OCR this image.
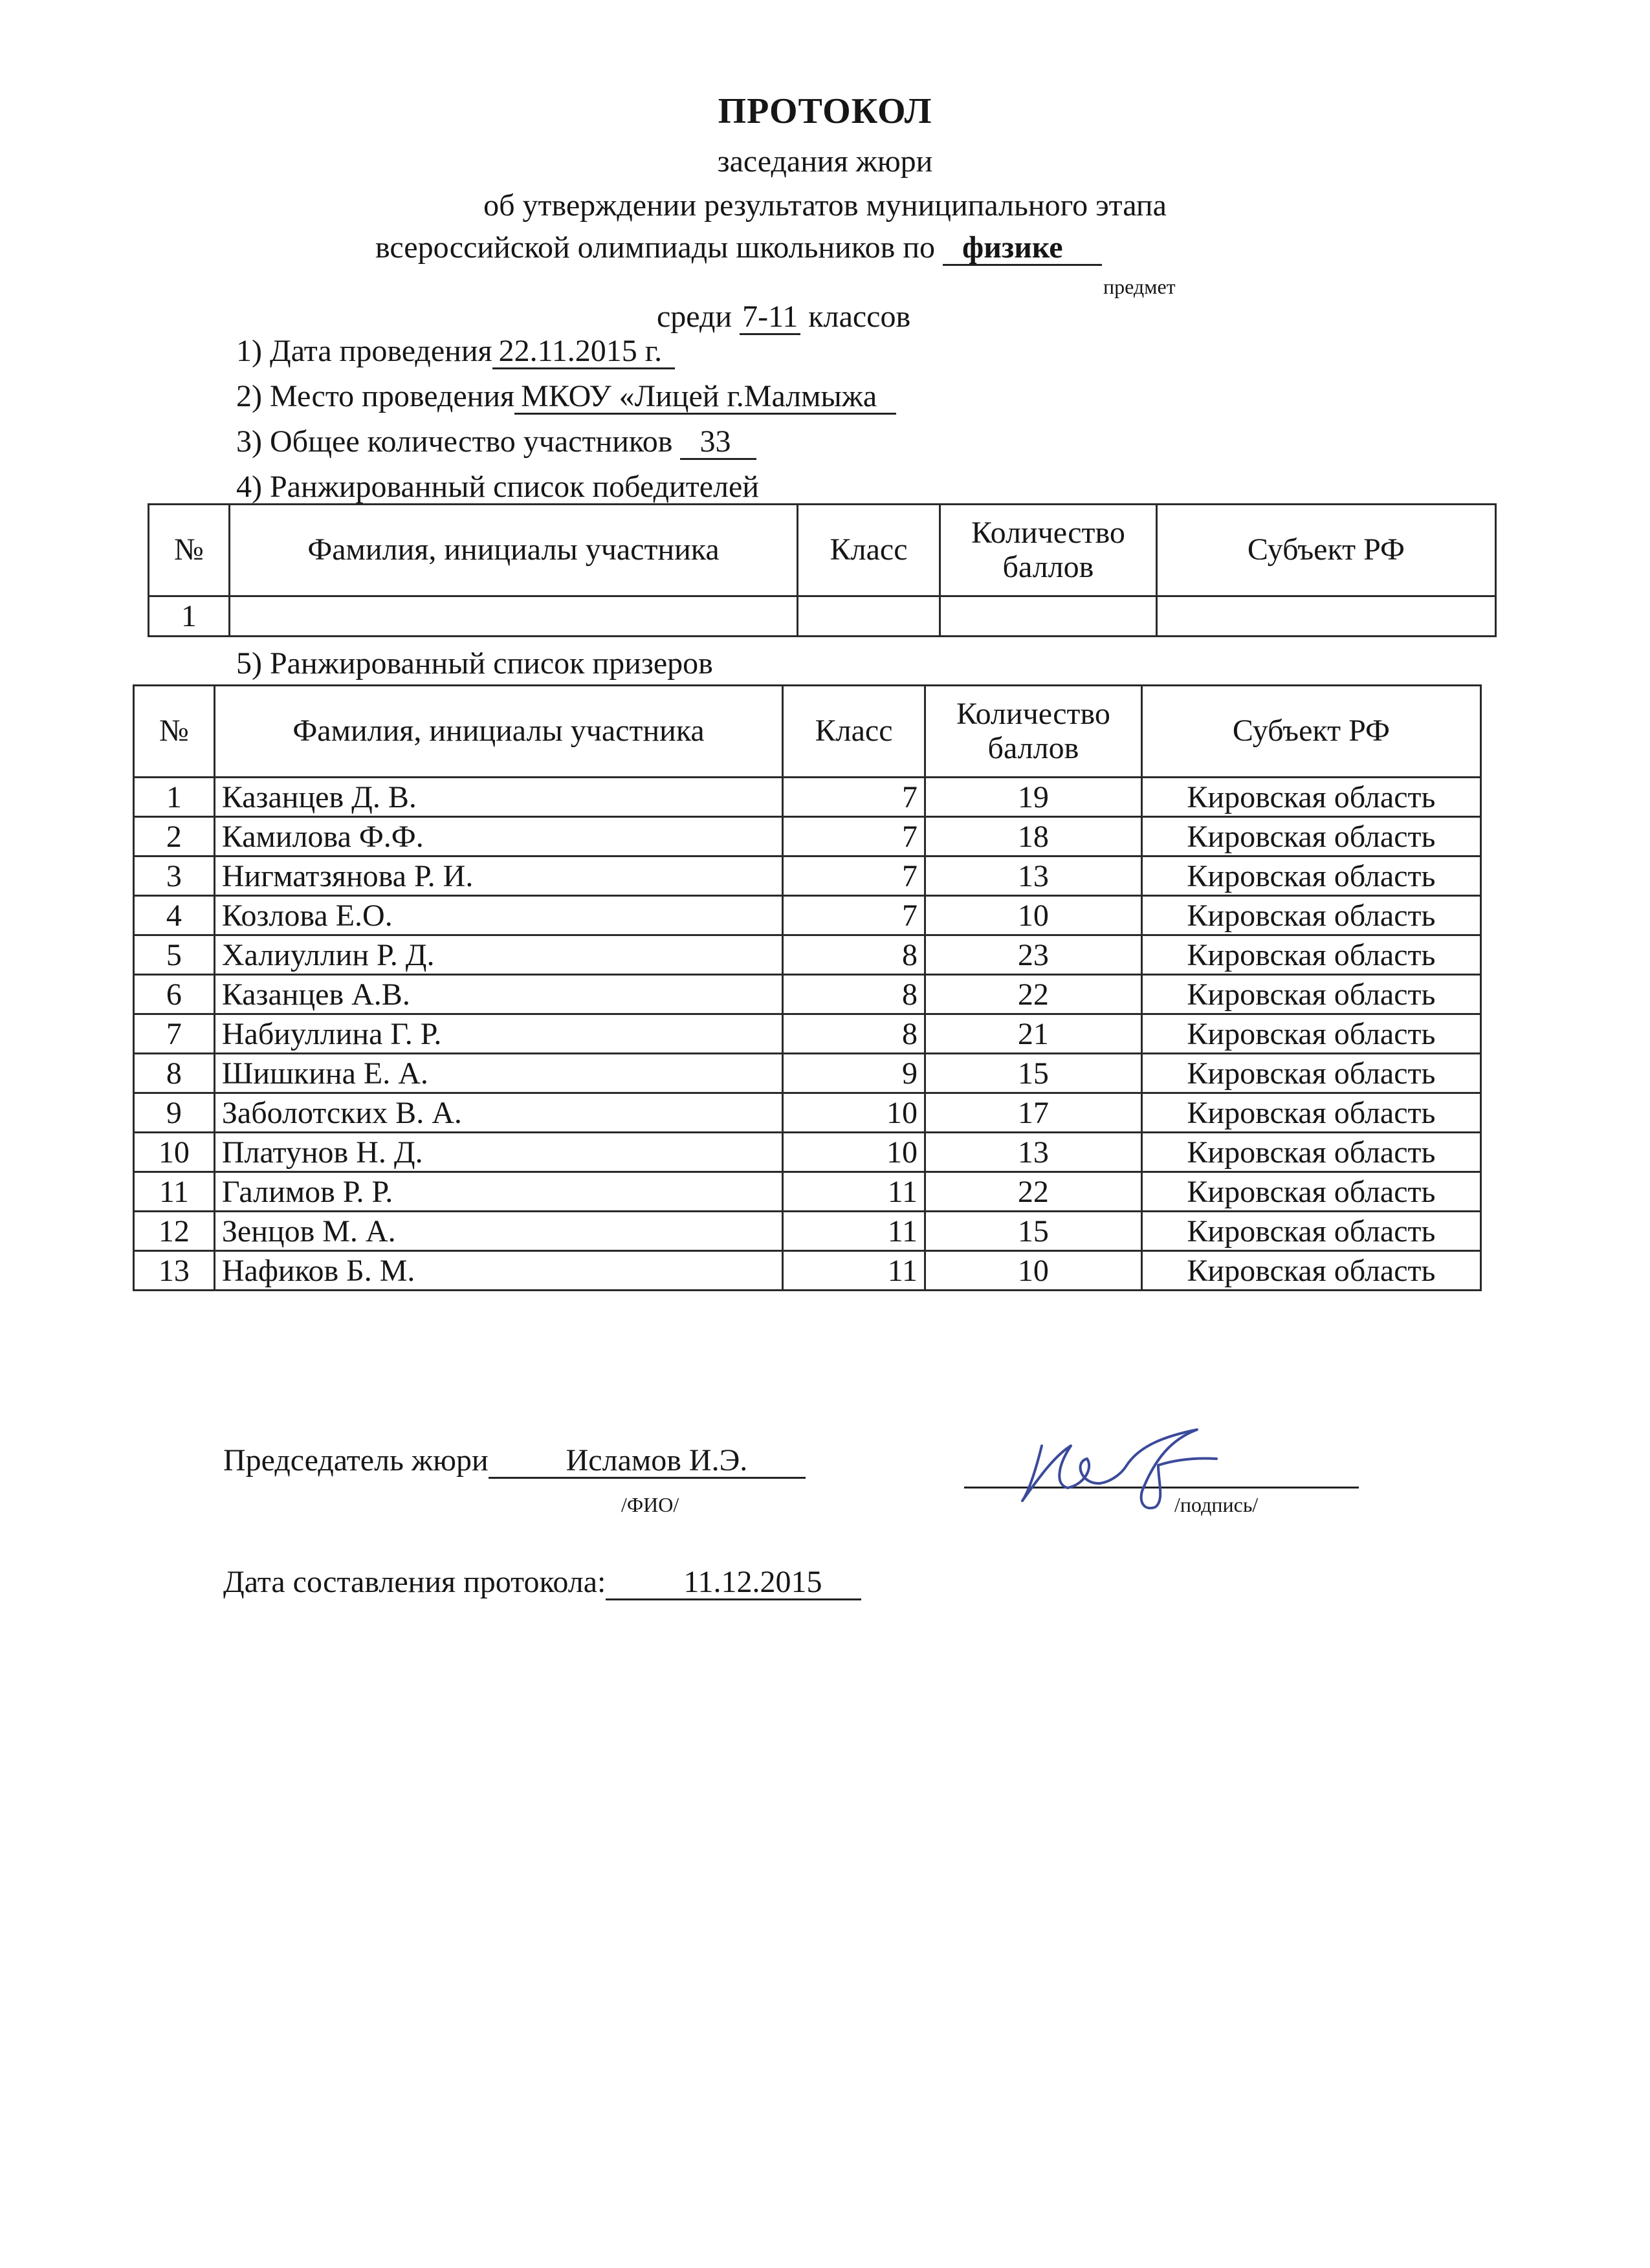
ПРОТОКОЛ
заседания жюри
об утверждении результатов муниципального этапа
всероссийской олимпиады школьников по физике
предмет
среди 7-11 классов
1) Дата проведения 22.11.2015 г.
2) Место проведения МКОУ «Лицей г.Малмыжа
3) Общее количество участников 33
4) Ранжированный список победителей
№	Фамилия, инициалы участника	Класс	Количество баллов	Субъект РФ
1				
5) Ранжированный список призеров
№	Фамилия, инициалы участника	Класс	Количество баллов	Субъект РФ
1	Казанцев Д. В.	7	19	Кировская область
2	Камилова Ф.Ф.	7	18	Кировская область
3	Нигматзянова Р. И.	7	13	Кировская область
4	Козлова Е.О.	7	10	Кировская область
5	Халиуллин Р. Д.	8	23	Кировская область
6	Казанцев А.В.	8	22	Кировская область
7	Набиуллина Г. Р.	8	21	Кировская область
8	Шишкина Е. А.	9	15	Кировская область
9	Заболотских В. А.	10	17	Кировская область
10	Платунов Н. Д.	10	13	Кировская область
11	Галимов Р. Р.	11	22	Кировская область
12	Зенцов М. А.	11	15	Кировская область
13	Нафиков Б. М.	11	10	Кировская область
Председатель жюри	Исламов И.Э.
/ФИО/	/подпись/
Дата составления протокола:	11.12.2015
